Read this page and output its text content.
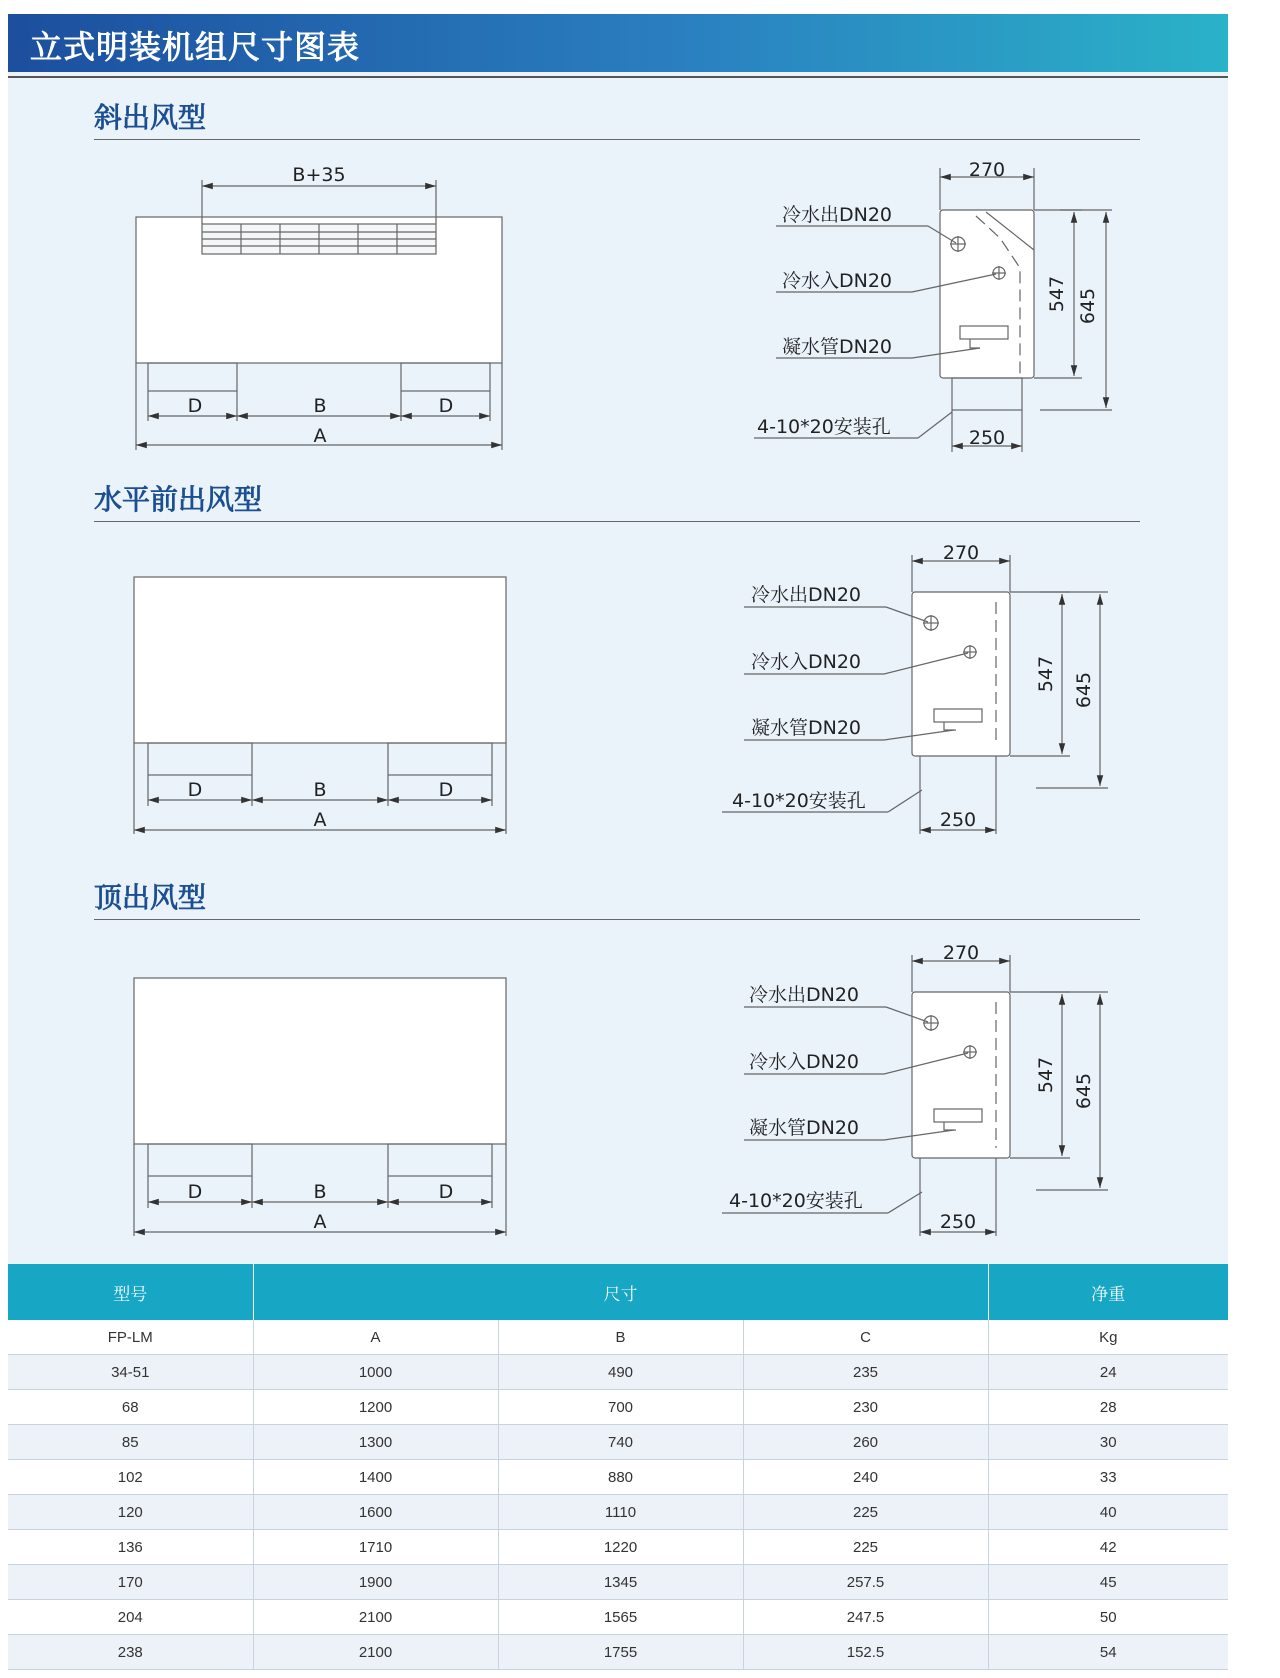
立式明装机组尺寸图表
斜出风型
水平前出风型
顶出风型
B+35
D	B	D
A
270
250
547 645
冷水出DN20
冷水入DN20
凝水管DN20
4-10*20安装孔
D	B	D
A
270
250
547 645
冷水出DN20
冷水入DN20
凝水管DN20
4-10*20安装孔
D	B	D
A
270
250
547 645
冷水出DN20
冷水入DN20
凝水管DN20
4-10*20安装孔
型号	尺寸			净重
FP-LM	A	B	C	Kg
34-51	1000	490	235	24
68	1200	700	230	28
85	1300	740	260	30
102	1400	880	240	33
120	1600	1110	225	40
136	1710	1220	225	42
170	1900	1345	257.5	45
204	2100	1565	247.5	50
238	2100	1755	152.5	54
